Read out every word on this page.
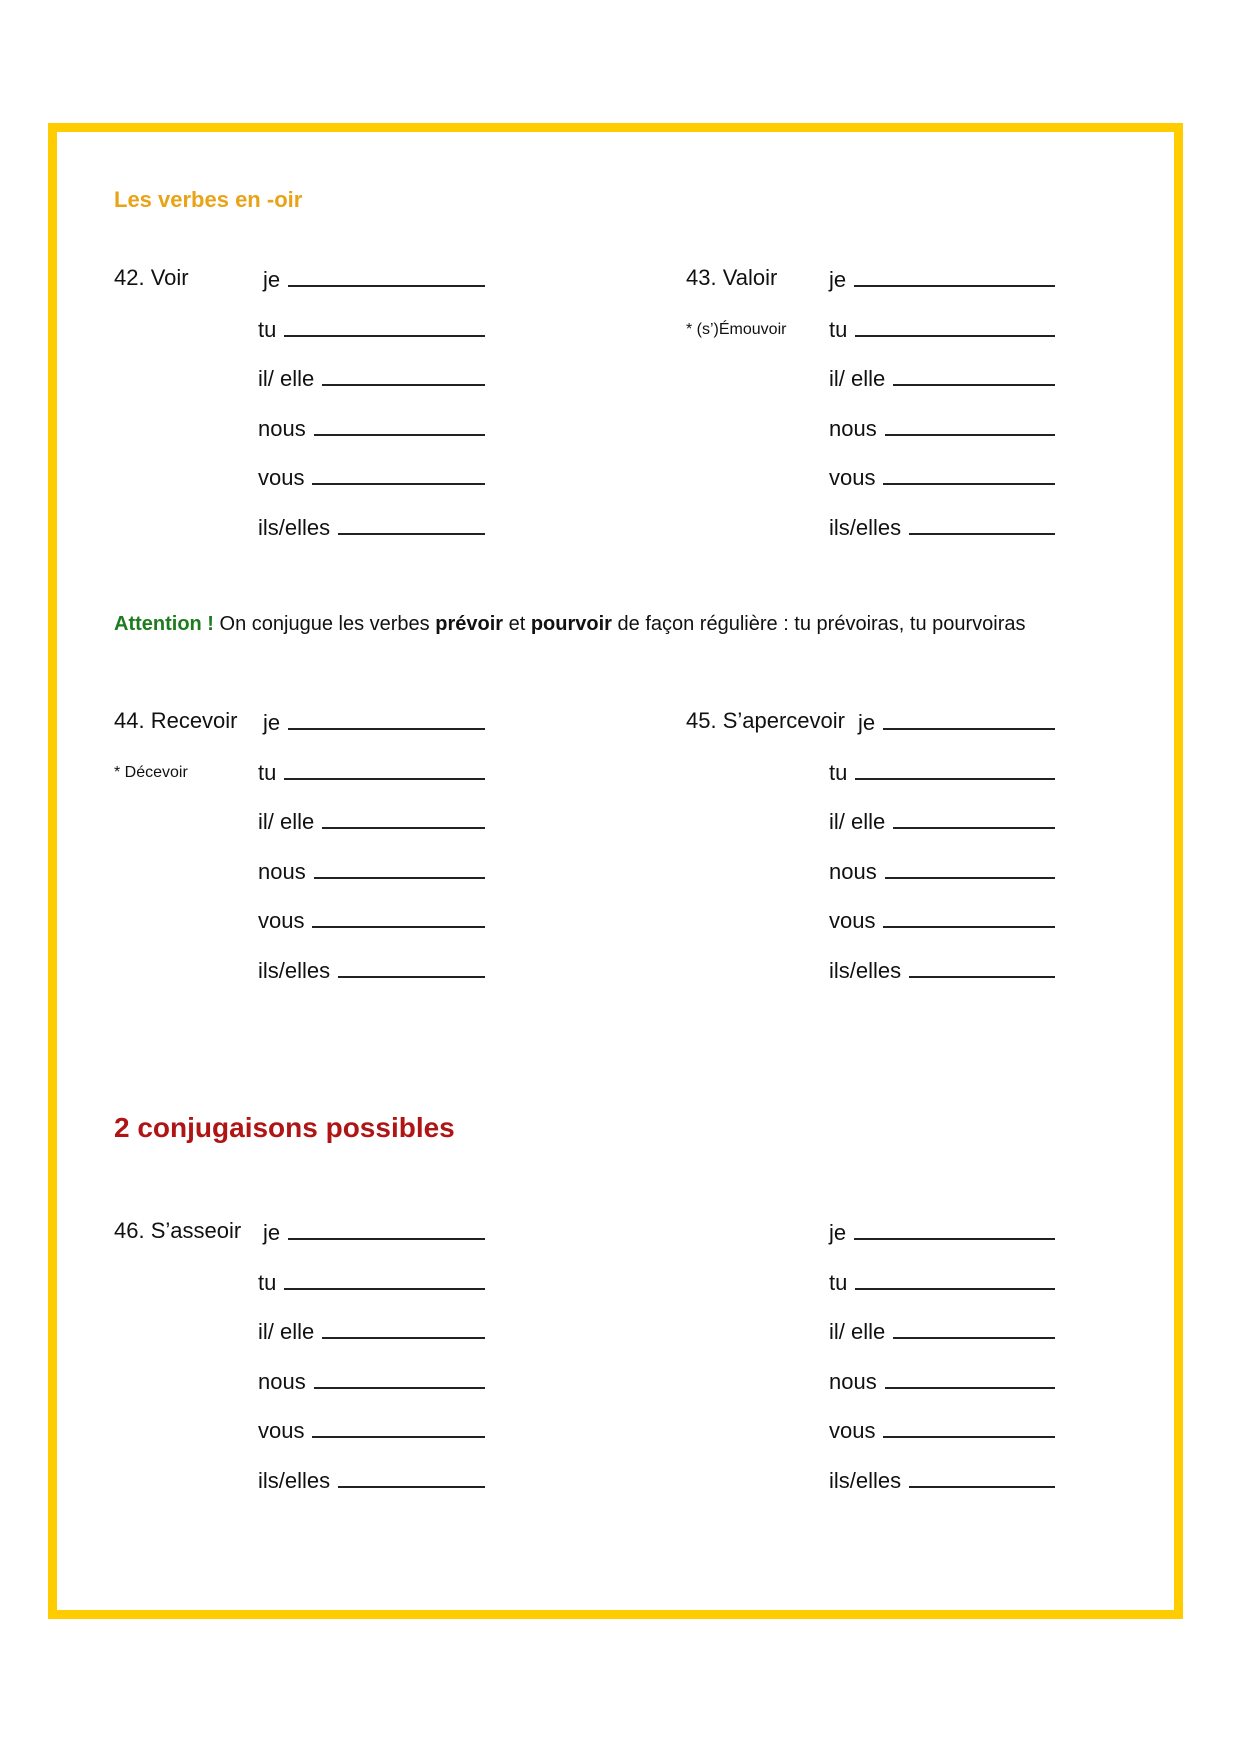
Les verbes en -oir
42. Voir	43. Valoir
* (s’)Émouvoir
Attention ! On conjugue les verbes prévoir et pourvoir de façon régulière : tu prévoiras, tu pourvoiras
44. Recevoir
* Décevoir
45. S’apercevoir
2 conjugaisons possibles
46. S’asseoir
je
tu
il/ elle
nous
vous
ils/elles
je
tu
il/ elle
nous
vous
ils/elles
je
tu
il/ elle
nous
vous
ils/elles
je
tu
il/ elle
nous
vous
ils/elles
je
tu
il/ elle
nous
vous
ils/elles
je
tu
il/ elle
nous
vous
ils/elles
